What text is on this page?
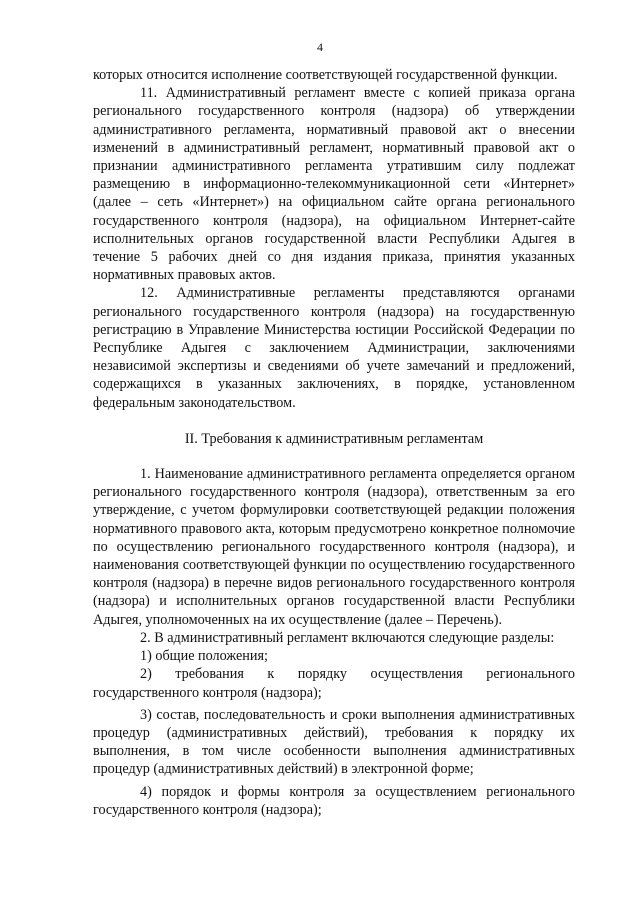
4

которых относится исполнение соответствующей государственной функции.

11. Административный регламент вместе с копией приказа органа регионального государственного контроля (надзора) об утверждении административного регламента, нормативный правовой акт о внесении изменений в административный регламент, нормативный правовой акт о признании административного регламента утратившим силу подлежат размещению в информационно-телекоммуникационной сети «Интернет» (далее – сеть «Интернет») на официальном сайте органа регионального государственного контроля (надзора), на официальном Интернет-сайте исполнительных органов государственной власти Республики Адыгея в течение 5 рабочих дней со дня издания приказа, принятия указанных нормативных правовых актов.

12. Административные регламенты представляются органами регионального государственного контроля (надзора) на государственную регистрацию в Управление Министерства юстиции Российской Федерации по Республике Адыгея с заключением Администрации, заключениями независимой экспертизы и сведениями об учете замечаний и предложений, содержащихся в указанных заключениях, в порядке, установленном федеральным законодательством.

II. Требования к административным регламентам

1. Наименование административного регламента определяется органом регионального государственного контроля (надзора), ответственным за его утверждение, с учетом формулировки соответствующей редакции положения нормативного правового акта, которым предусмотрено конкретное полномочие по осуществлению регионального государственного контроля (надзора), и наименования соответствующей функции по осуществлению государственного контроля (надзора) в перечне видов регионального государственного контроля (надзора) и исполнительных органов государственной власти Республики Адыгея, уполномоченных на их осуществление (далее – Перечень).

2. В административный регламент включаются следующие разделы:

1) общие положения;

2) требования к порядку осуществления регионального государственного контроля (надзора);

3) состав, последовательность и сроки выполнения административных процедур (административных действий), требования к порядку их выполнения, в том числе особенности выполнения административных процедур (административных действий) в электронной форме;

4) порядок и формы контроля за осуществлением регионального государственного контроля (надзора);
